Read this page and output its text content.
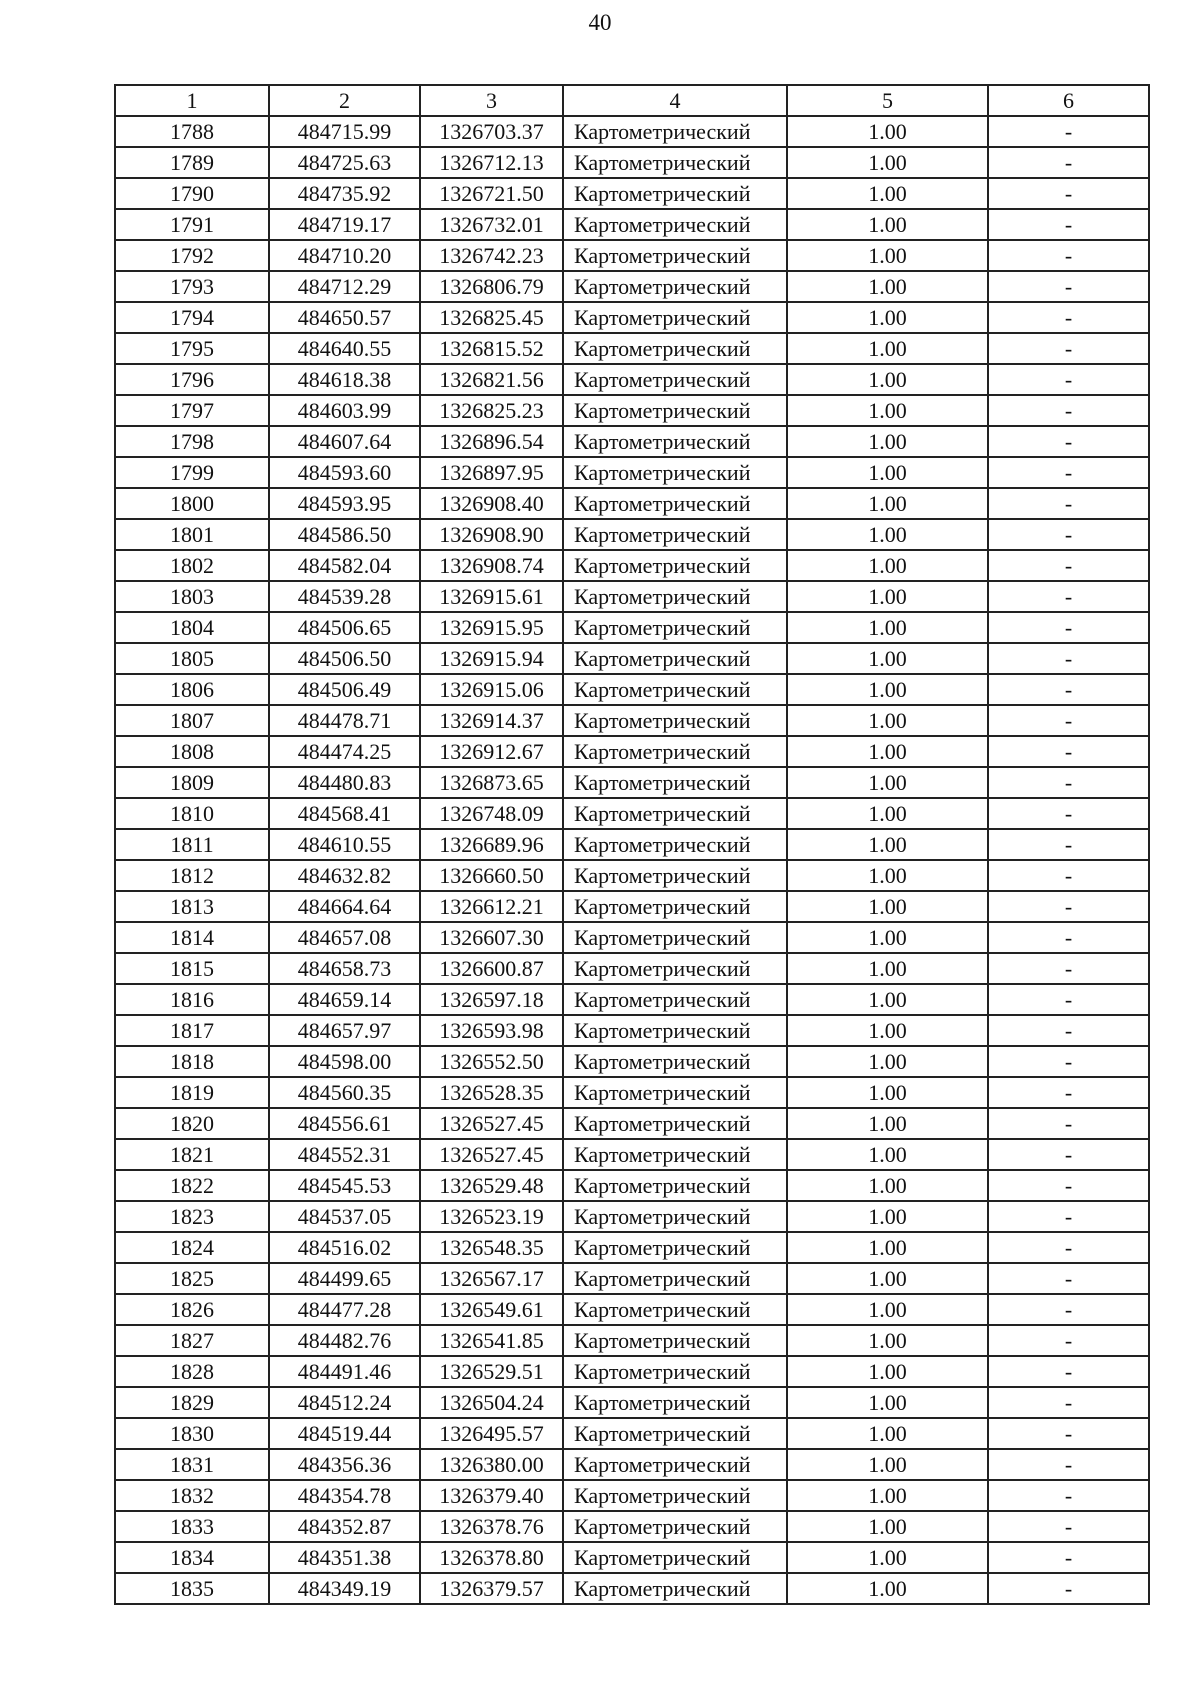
40
1	2	3	4	5	6
1788	484715.99	1326703.37	Картометрический	1.00	-
1789	484725.63	1326712.13	Картометрический	1.00	-
1790	484735.92	1326721.50	Картометрический	1.00	-
1791	484719.17	1326732.01	Картометрический	1.00	-
1792	484710.20	1326742.23	Картометрический	1.00	-
1793	484712.29	1326806.79	Картометрический	1.00	-
1794	484650.57	1326825.45	Картометрический	1.00	-
1795	484640.55	1326815.52	Картометрический	1.00	-
1796	484618.38	1326821.56	Картометрический	1.00	-
1797	484603.99	1326825.23	Картометрический	1.00	-
1798	484607.64	1326896.54	Картометрический	1.00	-
1799	484593.60	1326897.95	Картометрический	1.00	-
1800	484593.95	1326908.40	Картометрический	1.00	-
1801	484586.50	1326908.90	Картометрический	1.00	-
1802	484582.04	1326908.74	Картометрический	1.00	-
1803	484539.28	1326915.61	Картометрический	1.00	-
1804	484506.65	1326915.95	Картометрический	1.00	-
1805	484506.50	1326915.94	Картометрический	1.00	-
1806	484506.49	1326915.06	Картометрический	1.00	-
1807	484478.71	1326914.37	Картометрический	1.00	-
1808	484474.25	1326912.67	Картометрический	1.00	-
1809	484480.83	1326873.65	Картометрический	1.00	-
1810	484568.41	1326748.09	Картометрический	1.00	-
1811	484610.55	1326689.96	Картометрический	1.00	-
1812	484632.82	1326660.50	Картометрический	1.00	-
1813	484664.64	1326612.21	Картометрический	1.00	-
1814	484657.08	1326607.30	Картометрический	1.00	-
1815	484658.73	1326600.87	Картометрический	1.00	-
1816	484659.14	1326597.18	Картометрический	1.00	-
1817	484657.97	1326593.98	Картометрический	1.00	-
1818	484598.00	1326552.50	Картометрический	1.00	-
1819	484560.35	1326528.35	Картометрический	1.00	-
1820	484556.61	1326527.45	Картометрический	1.00	-
1821	484552.31	1326527.45	Картометрический	1.00	-
1822	484545.53	1326529.48	Картометрический	1.00	-
1823	484537.05	1326523.19	Картометрический	1.00	-
1824	484516.02	1326548.35	Картометрический	1.00	-
1825	484499.65	1326567.17	Картометрический	1.00	-
1826	484477.28	1326549.61	Картометрический	1.00	-
1827	484482.76	1326541.85	Картометрический	1.00	-
1828	484491.46	1326529.51	Картометрический	1.00	-
1829	484512.24	1326504.24	Картометрический	1.00	-
1830	484519.44	1326495.57	Картометрический	1.00	-
1831	484356.36	1326380.00	Картометрический	1.00	-
1832	484354.78	1326379.40	Картометрический	1.00	-
1833	484352.87	1326378.76	Картометрический	1.00	-
1834	484351.38	1326378.80	Картометрический	1.00	-
1835	484349.19	1326379.57	Картометрический	1.00	-
